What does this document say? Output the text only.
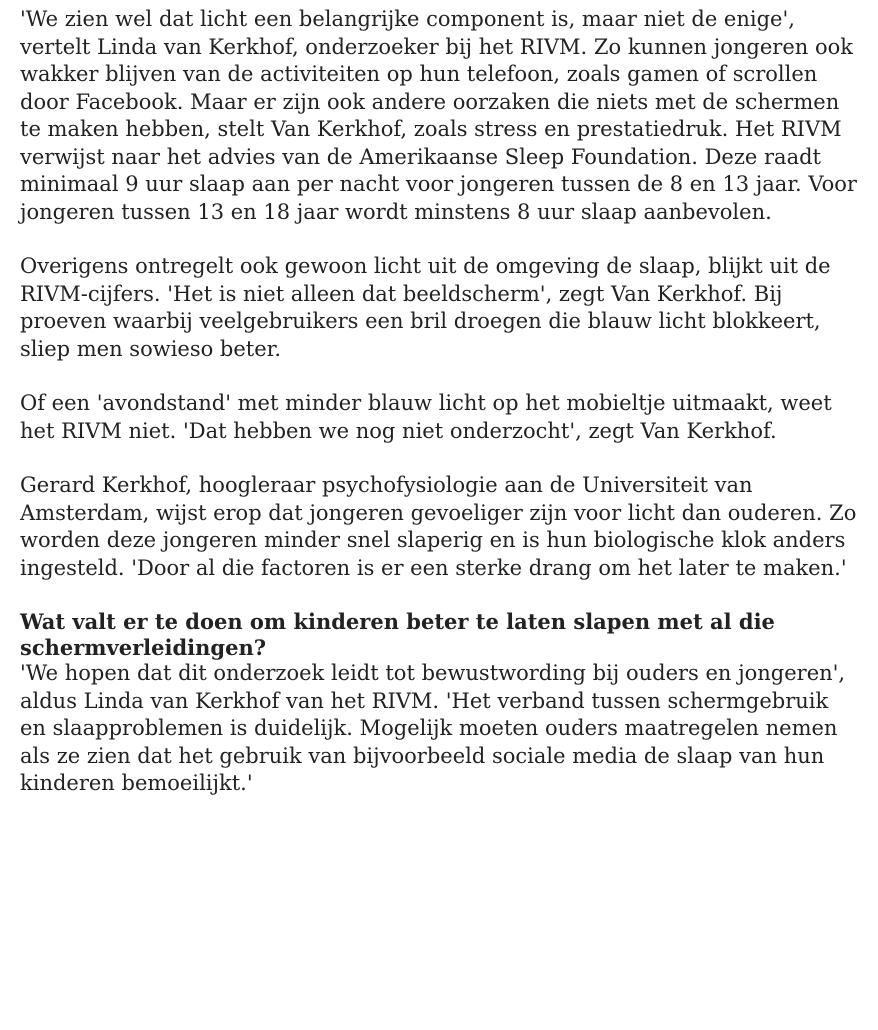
'We zien wel dat licht een belangrijke component is, maar niet de enige', vertelt Linda van Kerkhof, onderzoeker bij het RIVM. Zo kunnen jongeren ook wakker blijven van de activiteiten op hun telefoon, zoals gamen of scrollen door Facebook. Maar er zijn ook andere oorzaken die niets met de schermen te maken hebben, stelt Van Kerkhof, zoals stress en prestatiedruk. Het RIVM verwijst naar het advies van de Amerikaanse Sleep Foundation. Deze raadt minimaal 9 uur slaap aan per nacht voor jongeren tussen de 8 en 13 jaar. Voor jongeren tussen 13 en 18 jaar wordt minstens 8 uur slaap aanbevolen.

Overigens ontregelt ook gewoon licht uit de omgeving de slaap, blijkt uit de RIVM-cijfers. 'Het is niet alleen dat beeldscherm', zegt Van Kerkhof. Bij proeven waarbij veelgebruikers een bril droegen die blauw licht blokkeert, sliep men sowieso beter.

Of een 'avondstand' met minder blauw licht op het mobieltje uitmaakt, weet het RIVM niet. 'Dat hebben we nog niet onderzocht', zegt Van Kerkhof.

Gerard Kerkhof, hoogleraar psychofysiologie aan de Universiteit van Amsterdam, wijst erop dat jongeren gevoeliger zijn voor licht dan ouderen. Zo worden deze jongeren minder snel slaperig en is hun biologische klok anders ingesteld. 'Door al die factoren is er een sterke drang om het later te maken.'

Wat valt er te doen om kinderen beter te laten slapen met al die schermverleidingen?

'We hopen dat dit onderzoek leidt tot bewustwording bij ouders en jongeren', aldus Linda van Kerkhof van het RIVM. 'Het verband tussen schermgebruik en slaapproblemen is duidelijk. Mogelijk moeten ouders maatregelen nemen als ze zien dat het gebruik van bijvoorbeeld sociale media de slaap van hun kinderen bemoeilijkt.'
